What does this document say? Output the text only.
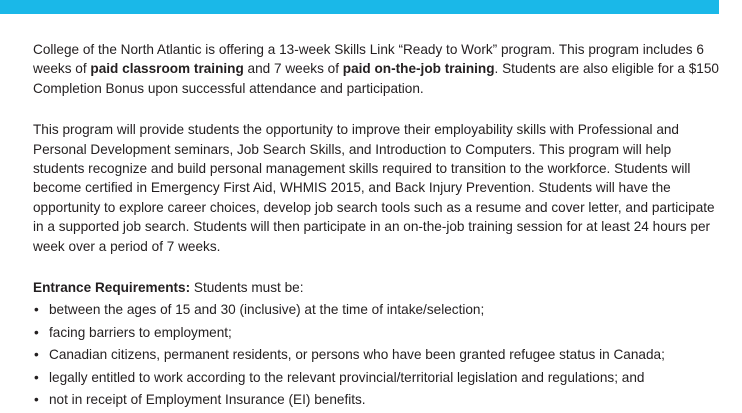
College of the North Atlantic is offering a 13-week Skills Link “Ready to Work” program. This program includes 6 weeks of paid classroom training and 7 weeks of paid on-the-job training. Students are also eligible for a $150 Completion Bonus upon successful attendance and participation.

This program will provide students the opportunity to improve their employability skills with Professional and Personal Development seminars, Job Search Skills, and Introduction to Computers. This program will help students recognize and build personal management skills required to transition to the workforce. Students will become certified in Emergency First Aid, WHMIS 2015, and Back Injury Prevention. Students will have the opportunity to explore career choices, develop job search tools such as a resume and cover letter, and participate in a supported job search. Students will then participate in an on-the-job training session for at least 24 hours per week over a period of 7 weeks.

Entrance Requirements: Students must be:

• between the ages of 15 and 30 (inclusive) at the time of intake/selection;
• facing barriers to employment;
• Canadian citizens, permanent residents, or persons who have been granted refugee status in Canada;
• legally entitled to work according to the relevant provincial/territorial legislation and regulations; and
• not in receipt of Employment Insurance (EI) benefits.
